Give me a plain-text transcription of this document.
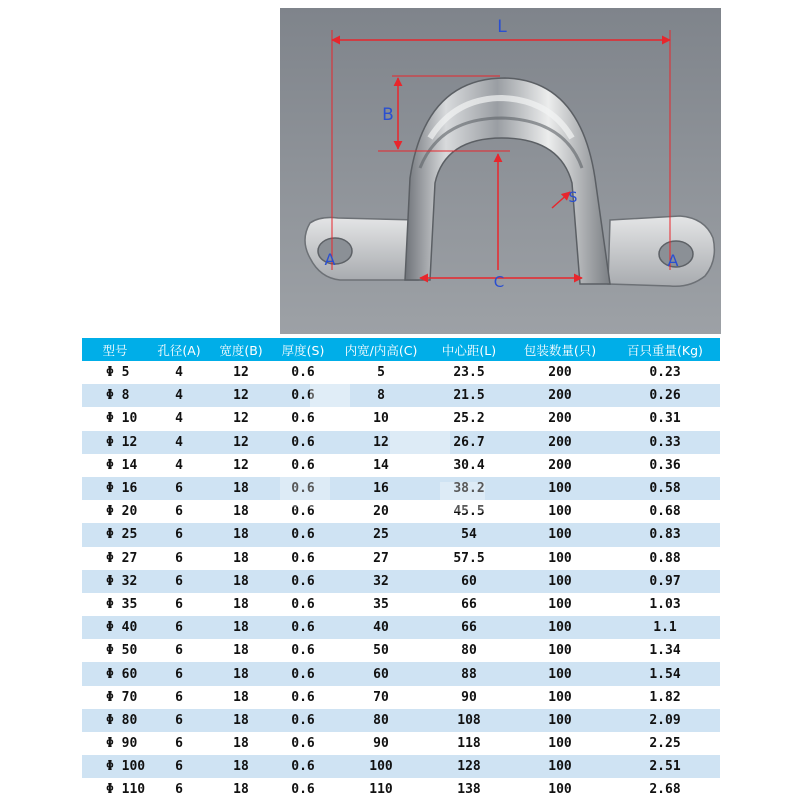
L
B
C
S
A	A
型号	孔径(A)	宽度(B)	厚度(S)	内宽/内高(C)	中心距(L)	包装数量(只)	百只重量(Kg)
Φ 5	4	12	0.6	5	23.5	200	0.23
Φ 8	4	12	0.6	8	21.5	200	0.26
Φ 10	4	12	0.6	10	25.2	200	0.31
Φ 12	4	12	0.6	12	26.7	200	0.33
Φ 14	4	12	0.6	14	30.4	200	0.36
Φ 16	6	18	0.6	16	38.2	100	0.58
Φ 20	6	18	0.6	20	45.5	100	0.68
Φ 25	6	18	0.6	25	54	100	0.83
Φ 27	6	18	0.6	27	57.5	100	0.88
Φ 32	6	18	0.6	32	60	100	0.97
Φ 35	6	18	0.6	35	66	100	1.03
Φ 40	6	18	0.6	40	66	100	1.1
Φ 50	6	18	0.6	50	80	100	1.34
Φ 60	6	18	0.6	60	88	100	1.54
Φ 70	6	18	0.6	70	90	100	1.82
Φ 80	6	18	0.6	80	108	100	2.09
Φ 90	6	18	0.6	90	118	100	2.25
Φ 100	6	18	0.6	100	128	100	2.51
Φ 110	6	18	0.6	110	138	100	2.68
